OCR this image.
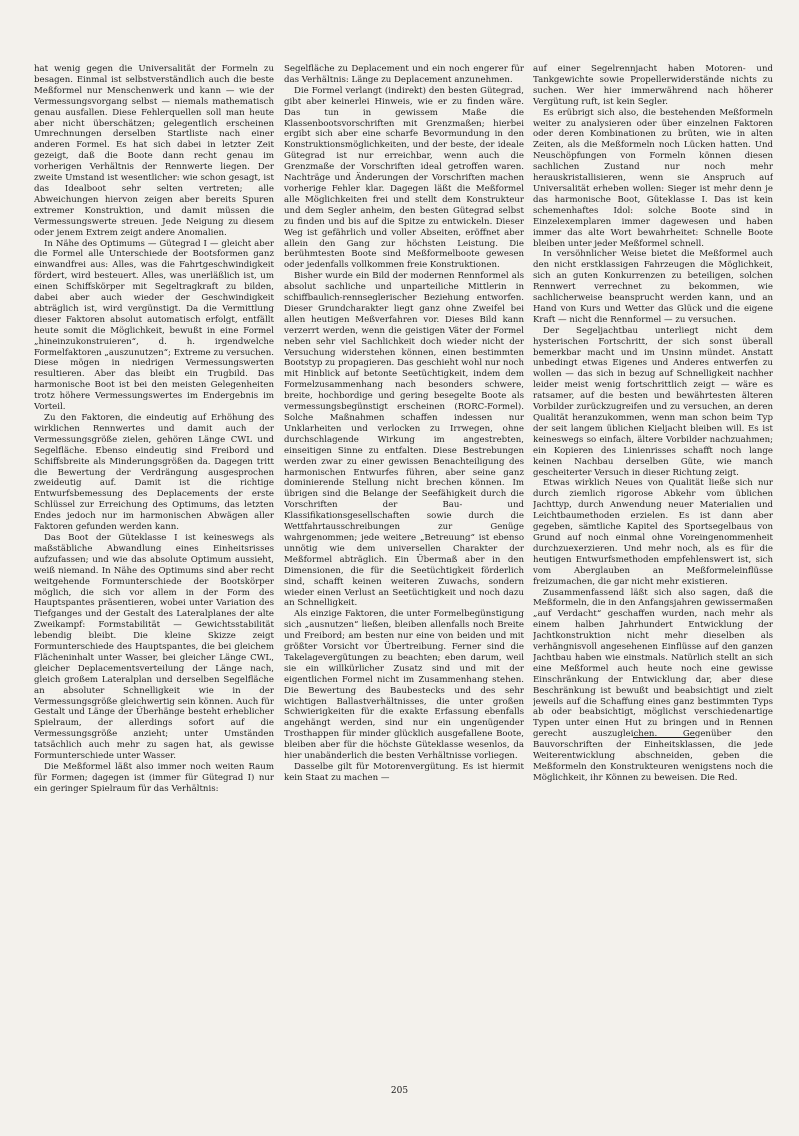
hat wenig gegen die Universalität der Formeln zu besagen. Einmal ist selbstverständlich auch die beste Meßformel nur Menschenwerk und kann — wie der Vermessungsvorgang selbst — niemals mathematisch genau ausfallen. Diese Fehlerquellen soll man heute aber nicht überschätzen; gelegentlich erscheinen Umrechnungen derselben Startliste nach einer anderen Formel. Es hat sich dabei in letzter Zeit gezeigt, daß die Boote dann recht genau im vorherigen Verhältnis der Rennwerte liegen. Der zweite Umstand ist wesentlicher: wie schon gesagt, ist das Idealboot sehr selten vertreten; alle Abweichungen hiervon zeigen aber bereits Spuren extremer Konstruktion, und damit müssen die Vermessungswerte streuen. Jede Neigung zu diesem oder jenem Extrem zeigt andere Anomalien.

In Nähe des Optimums — Gütegrad I — gleicht aber die Formel alle Unterschiede der Bootsformen ganz einwandfrei aus: Alles, was die Fahrtgeschwindigkeit fördert, wird besteuert. Alles, was unerläßlich ist, um einen Schiffskörper mit Segeltragkraft zu bilden, dabei aber auch wieder der Geschwindigkeit abträglich ist, wird vergünstigt. Da die Vermittlung dieser Faktoren absolut automatisch erfolgt, entfällt heute somit die Möglichkeit, bewußt in eine Formel „hineinzukonstruieren“, d. h. irgendwelche Formelfaktoren „auszunutzen“; Extreme zu versuchen. Diese mögen in niedrigen Vermessungswerten resultieren. Aber das bleibt ein Trugbild. Das harmonische Boot ist bei den meisten Gelegenheiten trotz höhere Vermessungswertes im Endergebnis im Vorteil.

Zu den Faktoren, die eindeutig auf Erhöhung des wirklichen Rennwertes und damit auch der Vermessungsgröße zielen, gehören Länge CWL und Segelfläche. Ebenso eindeutig sind Freibord und Schiffsbreite als Minderungsgrößen da. Dagegen tritt die Bewertung der Verdrängung ausgesprochen zweideutig auf. Damit ist die richtige Entwurfsbemessung des Deplacements der erste Schlüssel zur Erreichung des Optimums, das letzten Endes jedoch nur im harmonischen Abwägen aller Faktoren gefunden werden kann.

Das Boot der Güteklasse I ist keineswegs als maßstäbliche Abwandlung eines Einheitsrisses aufzufassen; und wie das absolute Optimum aussieht, weiß niemand. In Nähe des Optimums sind aber recht weitgehende Formunterschiede der Bootskörper möglich, die sich vor allem in der Form des Hauptspantes präsentieren, wobei unter Variation des Tiefganges und der Gestalt des Lateralplanes der alte Zweikampf: Formstabilität — Gewichtsstabilität lebendig bleibt. Die kleine Skizze zeigt Formunterschiede des Hauptspantes, die bei gleichem Flächeninhalt unter Wasser, bei gleicher Länge CWL, gleicher Deplacementsverteilung der Länge nach, gleich großem Lateralplan und derselben Segelfläche an absoluter Schnelligkeit wie in der Vermessungsgröße gleichwertig sein können. Auch für Gestalt und Länge der Überhänge besteht erheblicher Spielraum, der allerdings sofort auf die Vermessungsgröße anzieht; unter Umständen tatsächlich auch mehr zu sagen hat, als gewisse Formunterschiede unter Wasser.

Die Meßformel läßt also immer noch weiten Raum für Formen; dagegen ist (immer für Gütegrad I) nur ein geringer Spielraum für das Verhältnis:

Segelfläche zu Deplacement und ein noch engerer für das Verhältnis: Länge zu Deplacement anzunehmen.

Die Formel verlangt (indirekt) den besten Gütegrad, gibt aber keinerlei Hinweis, wie er zu finden wäre. Das tun in gewissem Maße die Klassenbootsvorschriften mit Grenzmaßen; hierbei ergibt sich aber eine scharfe Bevormundung in den Konstruktionsmöglichkeiten, und der beste, der ideale Gütegrad ist nur erreichbar, wenn auch die Grenzmaße der Vorschriften ideal getroffen waren. Nachträge und Änderungen der Vorschriften machen vorherige Fehler klar. Dagegen läßt die Meßformel alle Möglichkeiten frei und stellt dem Konstrukteur und dem Segler anheim, den besten Gütegrad selbst zu finden und bis auf die Spitze zu entwickeln. Dieser Weg ist gefährlich und voller Abseiten, eröffnet aber allein den Gang zur höchsten Leistung. Die berühmtesten Boote sind Meßformelboote gewesen oder jedenfalls vollkommen freie Konstruktionen.

Bisher wurde ein Bild der modernen Rennformel als absolut sachliche und unparteiliche Mittlerin in schiffbaulich-rennseglerischer Beziehung entworfen. Dieser Grundcharakter liegt ganz ohne Zweifel bei allen heutigen Meßverfahren vor. Dieses Bild kann verzerrt werden, wenn die geistigen Väter der Formel neben sehr viel Sachlichkeit doch wieder nicht der Versuchung widerstehen können, einen bestimmten Bootstyp zu propagieren. Das geschieht wohl nur noch mit Hinblick auf betonte Seetüchtigkeit, indem dem Formelzusammenhang nach besonders schwere, breite, hochbordige und gering besegelte Boote als vermessungsbegünstigt erscheinen (RORC-Formel). Solche Maßnahmen schaffen indessen nur Unklarheiten und verlocken zu Irrwegen, ohne durchschlagende Wirkung im angestrebten, einseitigen Sinne zu entfalten. Diese Bestrebungen werden zwar zu einer gewissen Benachteiligung des harmonischen Entwurfes führen, aber seine ganz dominierende Stellung nicht brechen können. Im übrigen sind die Belange der Seefähigkeit durch die Vorschriften der Bau- und Klassifikationsgesellschaften sowie durch die Wettfahrtausschreibungen zur Genüge wahrgenommen; jede weitere „Betreuung“ ist ebenso unnötig wie dem universellen Charakter der Meßformel abträglich. Ein Übermaß aber in den Dimensionen, die für die Seetüchtigkeit förderlich sind, schafft keinen weiteren Zuwachs, sondern wieder einen Verlust an Seetüchtigkeit und noch dazu an Schnelligkeit.

Als einzige Faktoren, die unter Formelbegünstigung sich „ausnutzen“ ließen, bleiben allenfalls noch Breite und Freibord; am besten nur eine von beiden und mit größter Vorsicht vor Übertreibung. Ferner sind die Takelagevergütungen zu beachten; eben darum, weil sie ein willkürlicher Zusatz sind und mit der eigentlichen Formel nicht im Zusammenhang stehen. Die Bewertung des Baubestecks und des sehr wichtigen Ballastverhältnisses, die unter großen Schwierigkeiten für die exakte Erfassung ebenfalls angehängt werden, sind nur ein ungenügender Trosthappen für minder glücklich ausgefallene Boote, bleiben aber für die höchste Güteklasse wesenlos, da hier unabänderlich die besten Verhältnisse vorliegen.

Dasselbe gilt für Motorenvergütung. Es ist hiermit kein Staat zu machen —

auf einer Segelrennjacht haben Motoren- und Tankgewichte sowie Propellerwiderstände nichts zu suchen. Wer hier immerwährend nach höherer Vergütung ruft, ist kein Segler.

Es erübrigt sich also, die bestehenden Meßformeln weiter zu analysieren oder über einzelnen Faktoren oder deren Kombinationen zu brüten, wie in alten Zeiten, als die Meßformeln noch Lücken hatten. Und Neuschöpfungen von Formeln können diesen sachlichen Zustand nur noch mehr herauskristallisieren, wenn sie Anspruch auf Universalität erheben wollen: Sieger ist mehr denn je das harmonische Boot, Güteklasse I. Das ist kein schemenhaftes Idol: solche Boote sind in Einzelexemplaren immer dagewesen und haben immer das alte Wort bewahrheitet: Schnelle Boote bleiben unter jeder Meßformel schnell.

In versöhnlicher Weise bietet die Meßformel auch den nicht erstklassigen Fahrzeugen die Möglichkeit, sich an guten Konkurrenzen zu beteiligen, solchen Rennwert verrechnet zu bekommen, wie sachlicherweise beansprucht werden kann, und an Hand von Kurs und Wetter das Glück und die eigene Kraft — nicht die Rennformel — zu versuchen.

Der Segeljachtbau unterliegt nicht dem hysterischen Fortschritt, der sich sonst überall bemerkbar macht und im Unsinn mündet. Anstatt unbedingt etwas Eigenes und Anderes entwerfen zu wollen — das sich in bezug auf Schnelligkeit nachher leider meist wenig fortschrittlich zeigt — wäre es ratsamer, auf die besten und bewährtesten älteren Vorbilder zurückzugreifen und zu versuchen, an deren Qualität heranzukommen, wenn man schon beim Typ der seit langem üblichen Kieljacht bleiben will. Es ist keineswegs so einfach, ältere Vorbilder nachzuahmen; ein Kopieren des Linienrisses schafft noch lange keinen Nachbau derselben Güte, wie manch gescheiterter Versuch in dieser Richtung zeigt.

Etwas wirklich Neues von Qualität ließe sich nur durch ziemlich rigorose Abkehr vom üblichen Jachttyp, durch Anwendung neuer Materialien und Leichtbaumethoden erzielen. Es ist dann aber gegeben, sämtliche Kapitel des Sportsegelbaus von Grund auf noch einmal ohne Voreingenommenheit durchzuexerzieren. Und mehr noch, als es für die heutigen Entwurfsmethoden empfehlenswert ist, sich vom Aberglauben an Meßformeleinflüsse freizumachen, die gar nicht mehr existieren.

Zusammenfassend läßt sich also sagen, daß die Meßformeln, die in den Anfangsjahren gewissermaßen „auf Verdacht“ geschaffen wurden, nach mehr als einem halben Jahrhundert Entwicklung der Jachtkonstruktion nicht mehr dieselben als verhängnisvoll angesehenen Einflüsse auf den ganzen Jachtbau haben wie einstmals. Natürlich stellt an sich eine Meßformel auch heute noch eine gewisse Einschränkung der Entwicklung dar, aber diese Beschränkung ist bewußt und beabsichtigt und zielt jeweils auf die Schaffung eines ganz bestimmten Typs ab oder beabsichtigt, möglichst verschiedenartige Typen unter einen Hut zu bringen und in Rennen gerecht auszugleichen. Gegenüber den Bauvorschriften der Einheitsklassen, die jede Weiterentwicklung abschneiden, geben die Meßformeln den Konstrukteuren wenigstens noch die Möglichkeit, ihr Können zu beweisen. Die Red.

205
